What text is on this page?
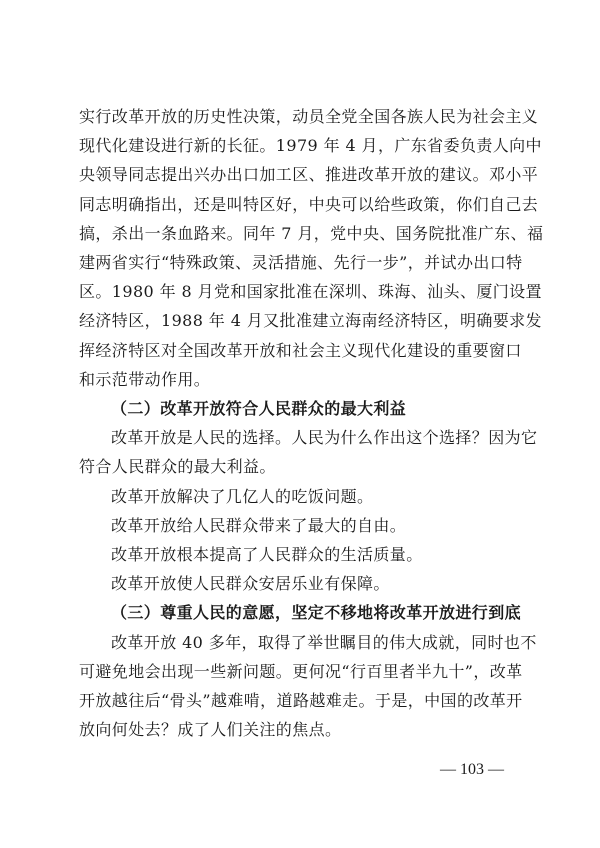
实行改革开放的历史性决策，动员全党全国各族人民为社会主义
现代化建设进行新的长征。1979 年 4 月，广东省委负责人向中
央领导同志提出兴办出口加工区、推进改革开放的建议。邓小平
同志明确指出，还是叫特区好，中央可以给些政策，你们自己去
搞，杀出一条血路来。同年 7 月，党中央、国务院批准广东、福
建两省实行“特殊政策、灵活措施、先行一步”，并试办出口特
区。1980 年 8 月党和国家批准在深圳、珠海、汕头、厦门设置
经济特区，1988 年 4 月又批准建立海南经济特区，明确要求发
挥经济特区对全国改革开放和社会主义现代化建设的重要窗口
和示范带动作用。

（二）改革开放符合人民群众的最大利益

改革开放是人民的选择。人民为什么作出这个选择？因为它
符合人民群众的最大利益。

改革开放解决了几亿人的吃饭问题。

改革开放给人民群众带来了最大的自由。

改革开放根本提高了人民群众的生活质量。

改革开放使人民群众安居乐业有保障。

（三）尊重人民的意愿，坚定不移地将改革开放进行到底

改革开放 40 多年，取得了举世瞩目的伟大成就，同时也不
可避免地会出现一些新问题。更何况“行百里者半九十”，改革
开放越往后“骨头”越难啃，道路越难走。于是，中国的改革开
放向何处去？成了人们关注的焦点。

— 103 —
